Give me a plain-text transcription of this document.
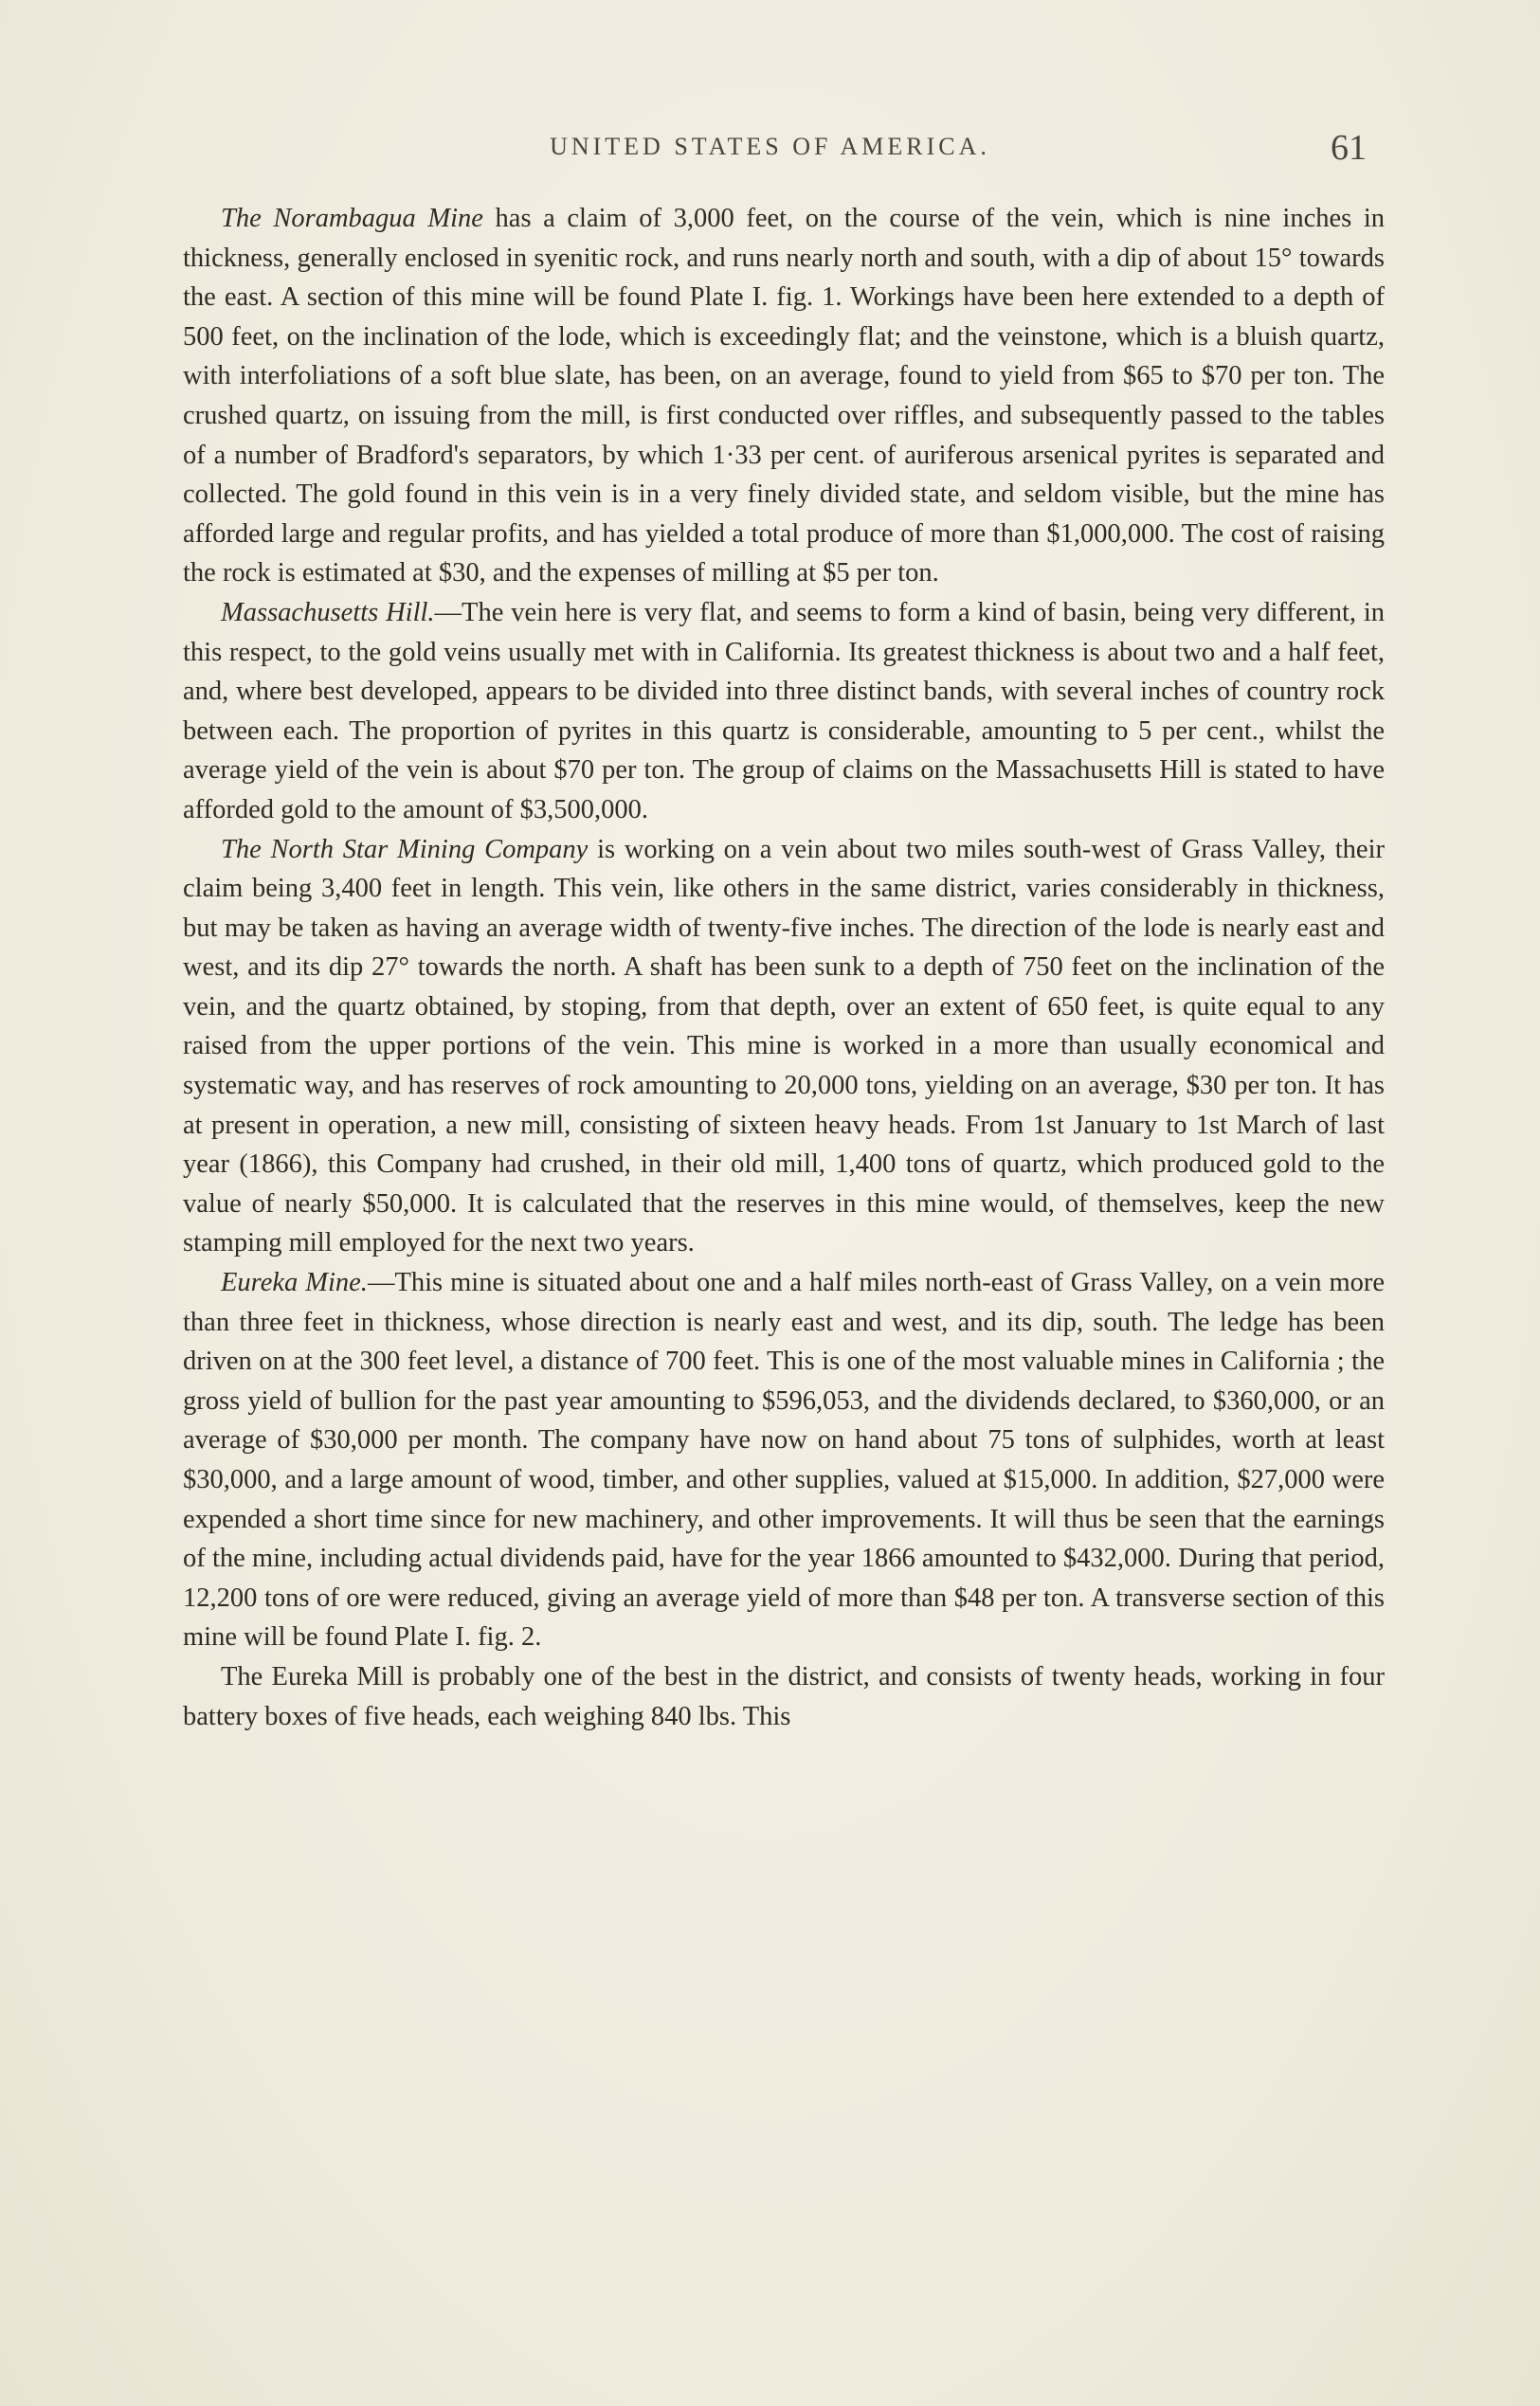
UNITED STATES OF AMERICA.	61

The Norambagua Mine has a claim of 3,000 feet, on the course of the vein, which is nine inches in thickness, generally enclosed in syenitic rock, and runs nearly north and south, with a dip of about 15° towards the east. A section of this mine will be found Plate I. fig. 1. Workings have been here extended to a depth of 500 feet, on the inclination of the lode, which is exceedingly flat; and the veinstone, which is a bluish quartz, with interfoliations of a soft blue slate, has been, on an average, found to yield from $65 to $70 per ton. The crushed quartz, on issuing from the mill, is first conducted over riffles, and subsequently passed to the tables of a number of Bradford's separators, by which 1·33 per cent. of auriferous arsenical pyrites is separated and collected. The gold found in this vein is in a very finely divided state, and seldom visible, but the mine has afforded large and regular profits, and has yielded a total produce of more than $1,000,000. The cost of raising the rock is estimated at $30, and the expenses of milling at $5 per ton.

Massachusetts Hill.—The vein here is very flat, and seems to form a kind of basin, being very different, in this respect, to the gold veins usually met with in California. Its greatest thickness is about two and a half feet, and, where best developed, appears to be divided into three distinct bands, with several inches of country rock between each. The proportion of pyrites in this quartz is considerable, amounting to 5 per cent., whilst the average yield of the vein is about $70 per ton. The group of claims on the Massachusetts Hill is stated to have afforded gold to the amount of $3,500,000.

The North Star Mining Company is working on a vein about two miles south-west of Grass Valley, their claim being 3,400 feet in length. This vein, like others in the same district, varies considerably in thickness, but may be taken as having an average width of twenty-five inches. The direction of the lode is nearly east and west, and its dip 27° towards the north. A shaft has been sunk to a depth of 750 feet on the inclination of the vein, and the quartz obtained, by stoping, from that depth, over an extent of 650 feet, is quite equal to any raised from the upper portions of the vein. This mine is worked in a more than usually economical and systematic way, and has reserves of rock amounting to 20,000 tons, yielding on an average, $30 per ton. It has at present in operation, a new mill, consisting of sixteen heavy heads. From 1st January to 1st March of last year (1866), this Company had crushed, in their old mill, 1,400 tons of quartz, which produced gold to the value of nearly $50,000. It is calculated that the reserves in this mine would, of themselves, keep the new stamping mill employed for the next two years.

Eureka Mine.—This mine is situated about one and a half miles north-east of Grass Valley, on a vein more than three feet in thickness, whose direction is nearly east and west, and its dip, south. The ledge has been driven on at the 300 feet level, a distance of 700 feet. This is one of the most valuable mines in California ; the gross yield of bullion for the past year amounting to $596,053, and the dividends declared, to $360,000, or an average of $30,000 per month. The company have now on hand about 75 tons of sulphides, worth at least $30,000, and a large amount of wood, timber, and other supplies, valued at $15,000. In addition, $27,000 were expended a short time since for new machinery, and other improvements. It will thus be seen that the earnings of the mine, including actual dividends paid, have for the year 1866 amounted to $432,000. During that period, 12,200 tons of ore were reduced, giving an average yield of more than $48 per ton. A transverse section of this mine will be found Plate I. fig. 2.

The Eureka Mill is probably one of the best in the district, and consists of twenty heads, working in four battery boxes of five heads, each weighing 840 lbs. This
